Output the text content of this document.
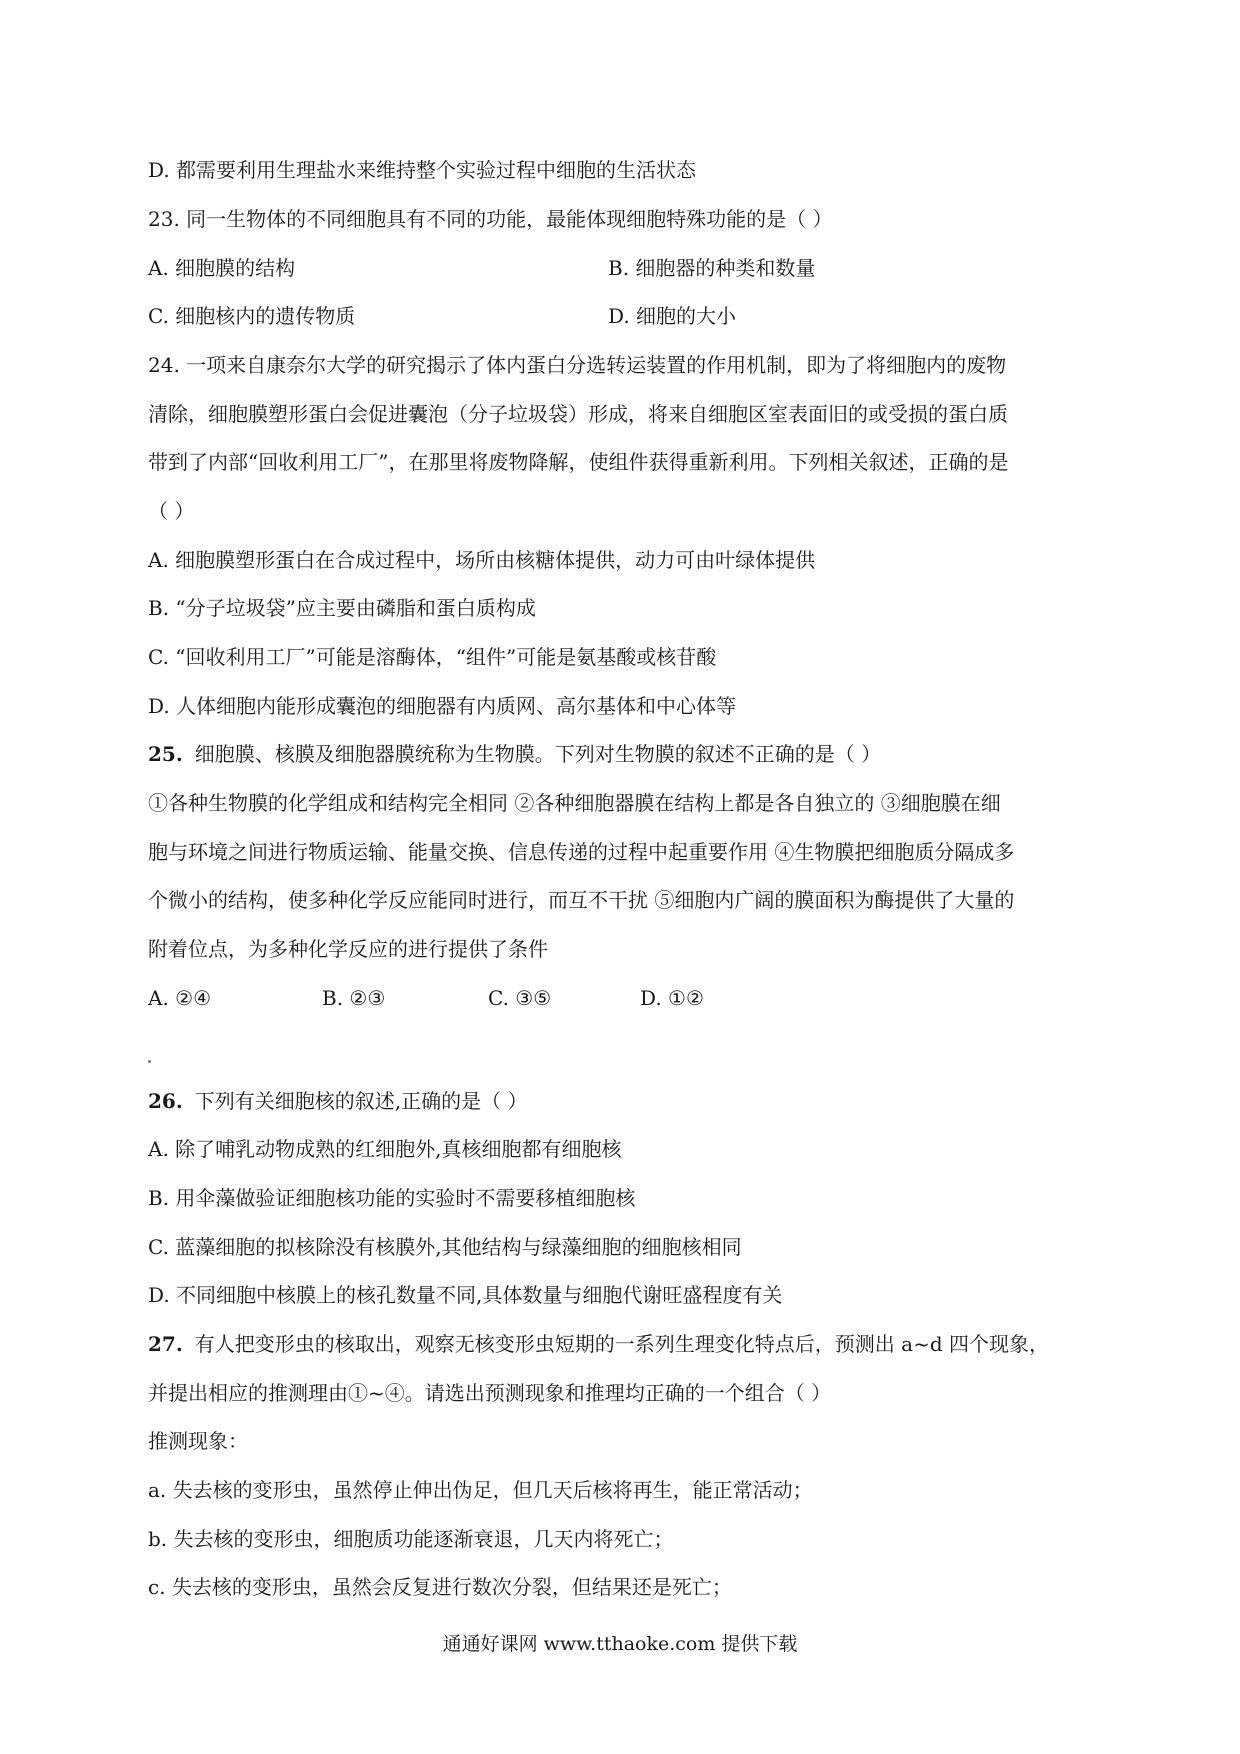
D. 都需要利用生理盐水来维持整个实验过程中细胞的生活状态
23. 同一生物体的不同细胞具有不同的功能，最能体现细胞特殊功能的是（ ）
A. 细胞膜的结构	B. 细胞器的种类和数量
C. 细胞核内的遗传物质	D. 细胞的大小
24. 一项来自康奈尔大学的研究揭示了体内蛋白分选转运装置的作用机制，即为了将细胞内的废物
清除，细胞膜塑形蛋白会促进囊泡（分子垃圾袋）形成，将来自细胞区室表面旧的或受损的蛋白质
带到了内部“回收利用工厂”，在那里将废物降解，使组件获得重新利用。下列相关叙述，正确的是
（ ）
A. 细胞膜塑形蛋白在合成过程中，场所由核糖体提供，动力可由叶绿体提供
B. “分子垃圾袋”应主要由磷脂和蛋白质构成
C. “回收利用工厂”可能是溶酶体，“组件”可能是氨基酸或核苷酸
D. 人体细胞内能形成囊泡的细胞器有内质网、高尔基体和中心体等
25. 细胞膜、核膜及细胞器膜统称为生物膜。下列对生物膜的叙述不正确的是（ ）
①各种生物膜的化学组成和结构完全相同 ②各种细胞器膜在结构上都是各自独立的 ③细胞膜在细
胞与环境之间进行物质运输、能量交换、信息传递的过程中起重要作用 ④生物膜把细胞质分隔成多
个微小的结构，使多种化学反应能同时进行，而互不干扰 ⑤细胞内广阔的膜面积为酶提供了大量的
附着位点，为多种化学反应的进行提供了条件
A. ②④	B. ②③	C. ③⑤	D. ①②
26. 下列有关细胞核的叙述,正确的是（ ）
A. 除了哺乳动物成熟的红细胞外,真核细胞都有细胞核
B. 用伞藻做验证细胞核功能的实验时不需要移植细胞核
C. 蓝藻细胞的拟核除没有核膜外,其他结构与绿藻细胞的细胞核相同
D. 不同细胞中核膜上的核孔数量不同,具体数量与细胞代谢旺盛程度有关
27. 有人把变形虫的核取出，观察无核变形虫短期的一系列生理变化特点后，预测出 a~d 四个现象，
并提出相应的推测理由①~④。请选出预测现象和推理均正确的一个组合（ ）
推测现象：
a. 失去核的变形虫，虽然停止伸出伪足，但几天后核将再生，能正常活动；
b. 失去核的变形虫，细胞质功能逐渐衰退，几天内将死亡；
c. 失去核的变形虫，虽然会反复进行数次分裂，但结果还是死亡；
通通好课网 www.tthaoke.com 提供下载
